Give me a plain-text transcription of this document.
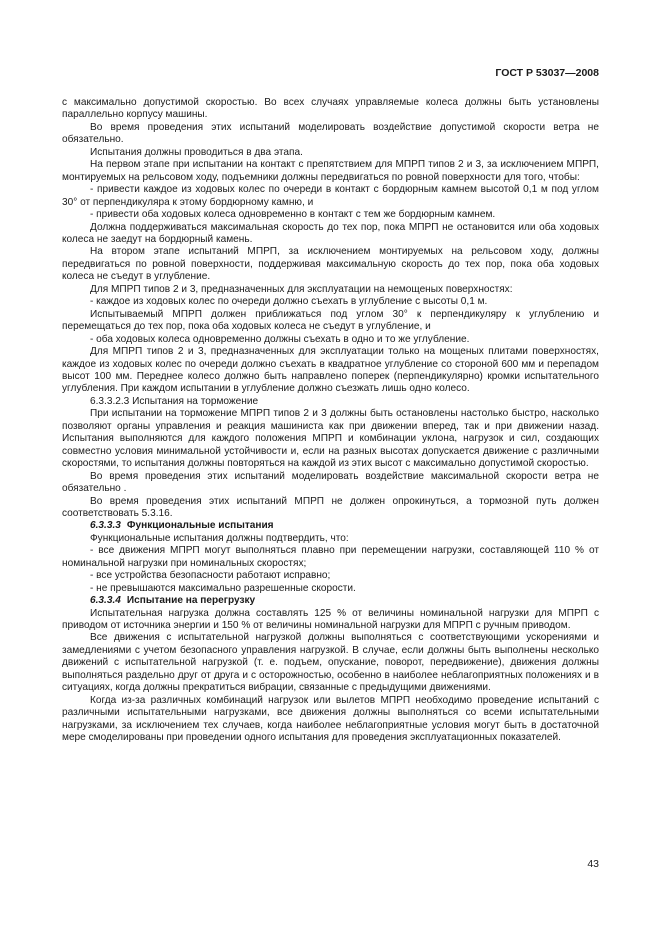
ГОСТ Р 53037—2008

с максимально допустимой скоростью. Во всех случаях управляемые колеса должны быть установлены параллельно корпусу машины.

Во время проведения этих испытаний моделировать воздействие допустимой скорости ветра не обязательно.

Испытания должны проводиться в два этапа.

На первом этапе при испытании на контакт с препятствием для МПРП типов 2 и 3, за исключением МПРП, монтируемых на рельсовом ходу, подъемники должны передвигаться по ровной поверхности для того, чтобы:

- привести каждое из ходовых колес по очереди в контакт с бордюрным камнем высотой 0,1 м под углом 30° от перпендикуляра к этому бордюрному камню, и

- привести оба ходовых колеса одновременно в контакт с тем же бордюрным камнем.

Должна поддерживаться максимальная скорость до тех пор, пока МПРП не остановится или оба ходовых колеса не заедут на бордюрный камень.

На втором этапе испытаний МПРП, за исключением монтируемых на рельсовом ходу, должны передвигаться по ровной поверхности, поддерживая максимальную скорость до тех пор, пока оба ходовых колеса не съедут в углубление.

Для МПРП типов 2 и 3, предназначенных для эксплуатации на немощеных поверхностях:

- каждое из ходовых колес по очереди должно съехать в углубление с высоты 0,1 м.

Испытываемый МПРП должен приближаться под углом 30° к перпендикуляру к углублению и перемещаться до тех пор, пока оба ходовых колеса не съедут в углубление, и

- оба ходовых колеса одновременно должны съехать в одно и то же углубление.

Для МПРП типов 2 и 3, предназначенных для эксплуатации только на мощеных плитами поверхностях, каждое из ходовых колес по очереди должно съехать в квадратное углубление со стороной 600 мм и перепадом высот 100 мм. Переднее колесо должно быть направлено поперек (перпендикулярно) кромки испытательного углубления. При каждом испытании в углубление должно съезжать лишь одно колесо.

6.3.3.2.3 Испытания на торможение

При испытании на торможение МПРП типов 2 и 3 должны быть остановлены настолько быстро, насколько позволяют органы управления и реакция машиниста как при движении вперед, так и при движении назад. Испытания выполняются для каждого положения МПРП и комбинации уклона, нагрузок и сил, создающих совместно условия минимальной устойчивости и, если на разных высотах допускается движение с различными скоростями, то испытания должны повторяться на каждой из этих высот с максимально допустимой скоростью.

Во время проведения этих испытаний моделировать воздействие максимальной скорости ветра не обязательно .

Во время проведения этих испытаний МПРП не должен опрокинуться, а тормозной путь должен соответствовать 5.3.16.

6.3.3.3 Функциональные испытания

Функциональные испытания должны подтвердить, что:

- все движения МПРП могут выполняться плавно при перемещении нагрузки, составляющей 110 % от номинальной нагрузки при номинальных скоростях;

- все устройства безопасности работают исправно;

- не превышаются максимально разрешенные скорости.

6.3.3.4 Испытание на перегрузку

Испытательная нагрузка должна составлять 125 % от величины номинальной нагрузки для МПРП с приводом от источника энергии и 150 % от величины номинальной нагрузки для МПРП с ручным приводом.

Все движения с испытательной нагрузкой должны выполняться с соответствующими ускорениями и замедлениями с учетом безопасного управления нагрузкой. В случае, если должны быть выполнены несколько движений с испытательной нагрузкой (т. е. подъем, опускание, поворот, передвижение), движения должны выполняться раздельно друг от друга и с осторожностью, особенно в наиболее неблагоприятных положениях и в ситуациях, когда должны прекратиться вибрации, связанные с предыдущими движениями.

Когда из-за различных комбинаций нагрузок или вылетов МПРП необходимо проведение испытаний с различными испытательными нагрузками, все движения должны выполняться со всеми испытательными нагрузками, за исключением тех случаев, когда наиболее неблагоприятные условия могут быть в достаточной мере смоделированы при проведении одного испытания для проведения эксплуатационных показателей.

43
